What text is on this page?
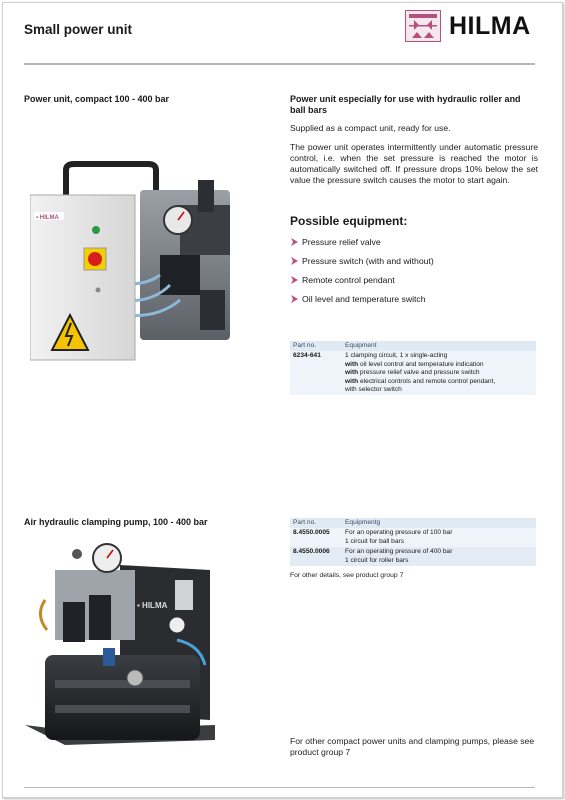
Small power unit	HILMA
Power unit, compact 100 - 400 bar	Power unit especially for use with hydraulic roller and ball bars
Supplied as a compact unit, ready for use.
The power unit operates intermittently under automatic pressure control, i.e. when the set pressure is reached the motor is automatically switched off. If pressure drops 10% below the set value the pressure switch causes the motor to start again.
Possible equipment:
Pressure relief valve
Pressure switch (with and without)
Remote control pendant
Oil level and temperature switch
Part no.	Equipment
6234-641	1 clamping circuit, 1 x single-acting
with oil level control and temperature indication
with pressure relief valve and pressure switch
with electrical controls and remote control pendant,
with selector switch
▪ HILMA
Air hydraulic clamping pump, 100 - 400 bar	Part no.	Equipmentg
8.4550.0005	For an operating pressure of 100 bar
1 circuit for ball bars

8.4550.0006	For an operating pressure of 400 bar
1 circuit for roller bars
For other details, see product group 7
▪ HILMA
For other compact power units and clamping pumps, please see product group 7
